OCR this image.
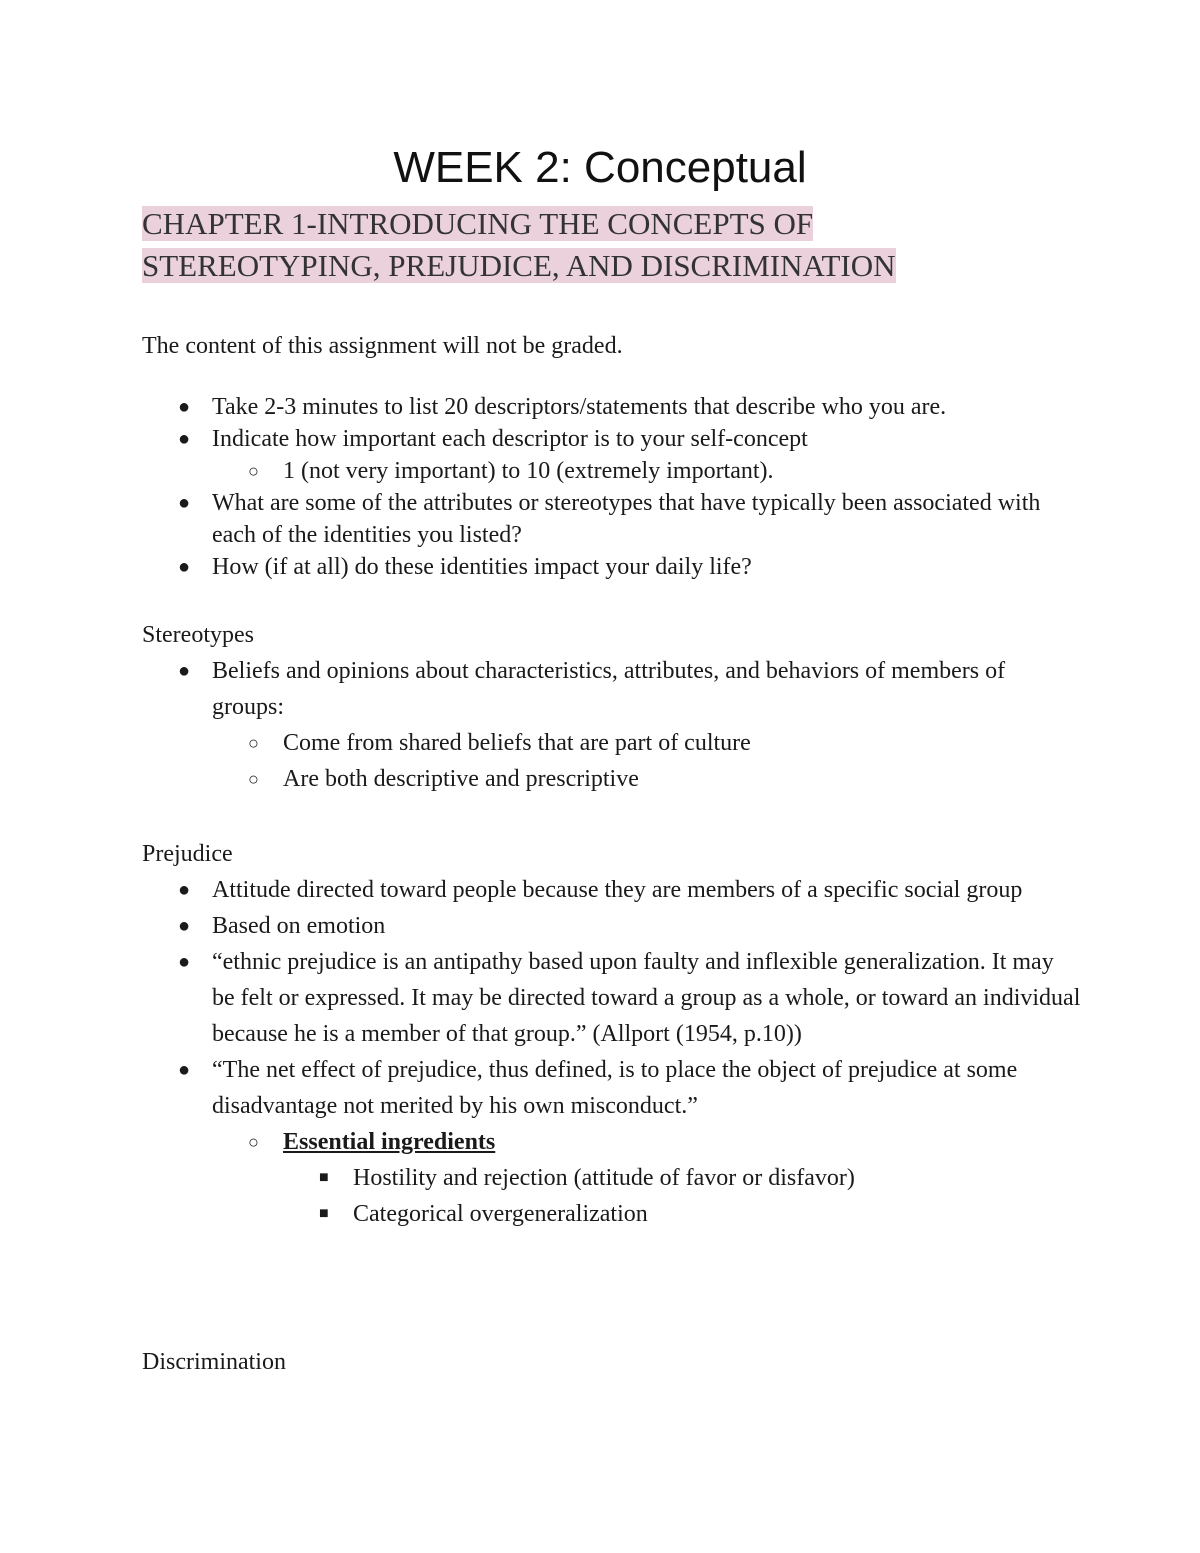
WEEK 2: Conceptual
CHAPTER 1-INTRODUCING THE CONCEPTS OF
STEREOTYPING, PREJUDICE, AND DISCRIMINATION

The content of this assignment will not be graded.

● Take 2-3 minutes to list 20 descriptors/statements that describe who you are.
● Indicate how important each descriptor is to your self-concept
○ 1 (not very important) to 10 (extremely important).
● What are some of the attributes or stereotypes that have typically been associated with each of the identities you listed?
● How (if at all) do these identities impact your daily life?

Stereotypes

● Beliefs and opinions about characteristics, attributes, and behaviors of members of groups:
○ Come from shared beliefs that are part of culture
○ Are both descriptive and prescriptive

Prejudice

● Attitude directed toward people because they are members of a specific social group
● Based on emotion
● “ethnic prejudice is an antipathy based upon faulty and inflexible generalization. It may be felt or expressed. It may be directed toward a group as a whole, or toward an individual because he is a member of that group.” (Allport (1954, p.10))
● “The net effect of prejudice, thus defined, is to place the object of prejudice at some disadvantage not merited by his own misconduct.”
○ Essential ingredients
■ Hostility and rejection (attitude of favor or disfavor)
■ Categorical overgeneralization

Discrimination
